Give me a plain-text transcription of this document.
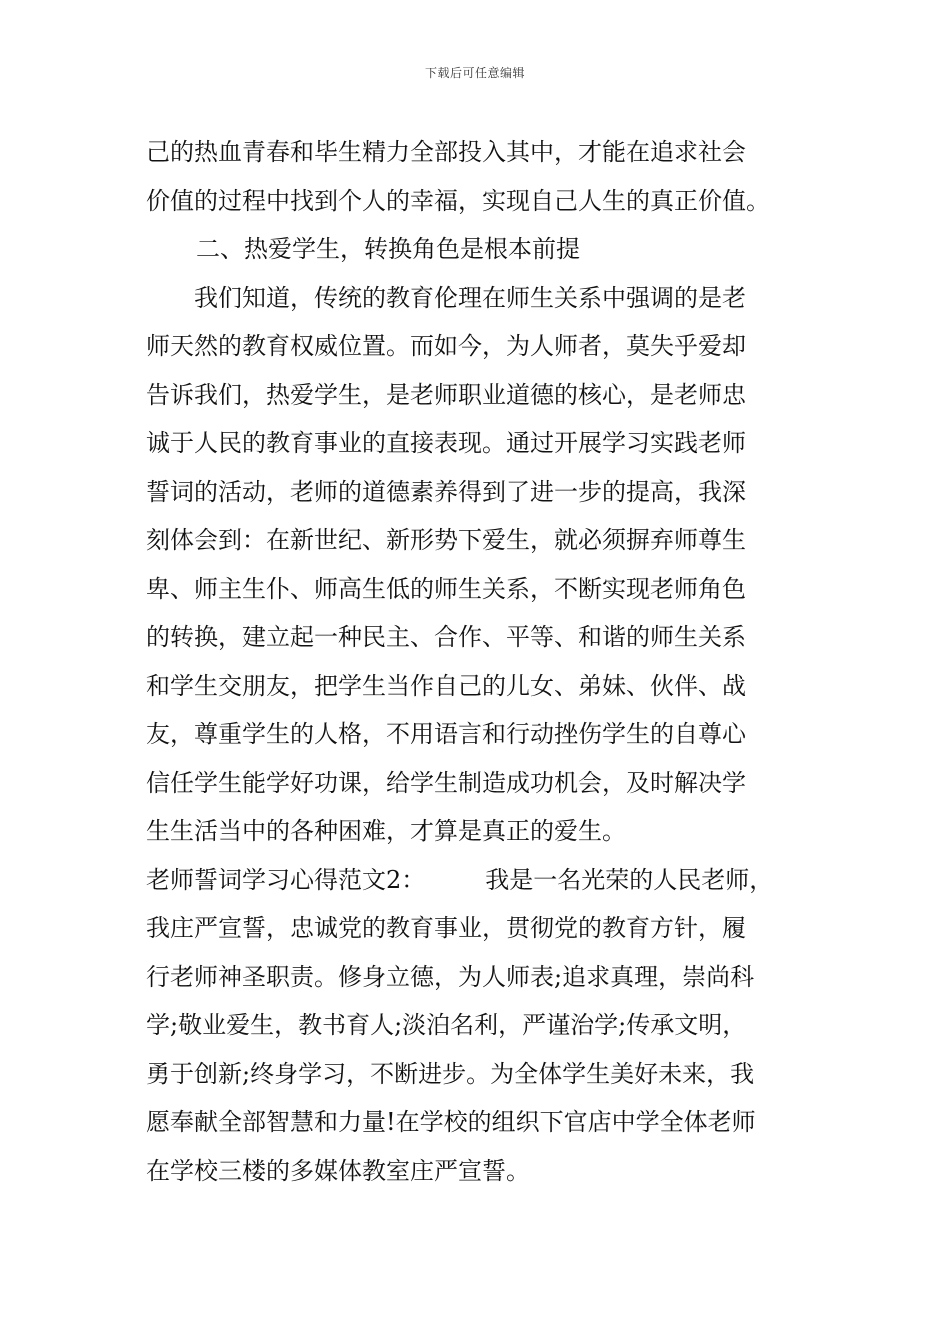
下载后可任意编辑
己的热血青春和毕生精力全部投入其中，才能在追求社会
价值的过程中找到个人的幸福，实现自己人生的真正价值。
二、热爱学生，转换角色是根本前提
我们知道，传统的教育伦理在师生关系中强调的是老
师天然的教育权威位置。而如今，为人师者，莫失乎爱却
告诉我们，热爱学生，是老师职业道德的核心，是老师忠
诚于人民的教育事业的直接表现。通过开展学习实践老师
誓词的活动，老师的道德素养得到了进一步的提高，我深
刻体会到：在新世纪、新形势下爱生，就必须摒弃师尊生
卑、师主生仆、师高生低的师生关系，不断实现老师角色
的转换，建立起一种民主、合作、平等、和谐的师生关系
和学生交朋友，把学生当作自己的儿女、弟妹、伙伴、战
友，尊重学生的人格，不用语言和行动挫伤学生的自尊心
信任学生能学好功课，给学生制造成功机会，及时解决学
生生活当中的各种困难，才算是真正的爱生。
老师誓词学习心得范文2：	我是一名光荣的人民老师，
我庄严宣誓，忠诚党的教育事业，贯彻党的教育方针，履
行老师神圣职责。修身立德，为人师表;追求真理，崇尚科
学;敬业爱生，教书育人;淡泊名利，严谨治学;传承文明，
勇于创新;终身学习，不断进步。为全体学生美好未来，我
愿奉献全部智慧和力量!在学校的组织下官店中学全体老师
在学校三楼的多媒体教室庄严宣誓。
